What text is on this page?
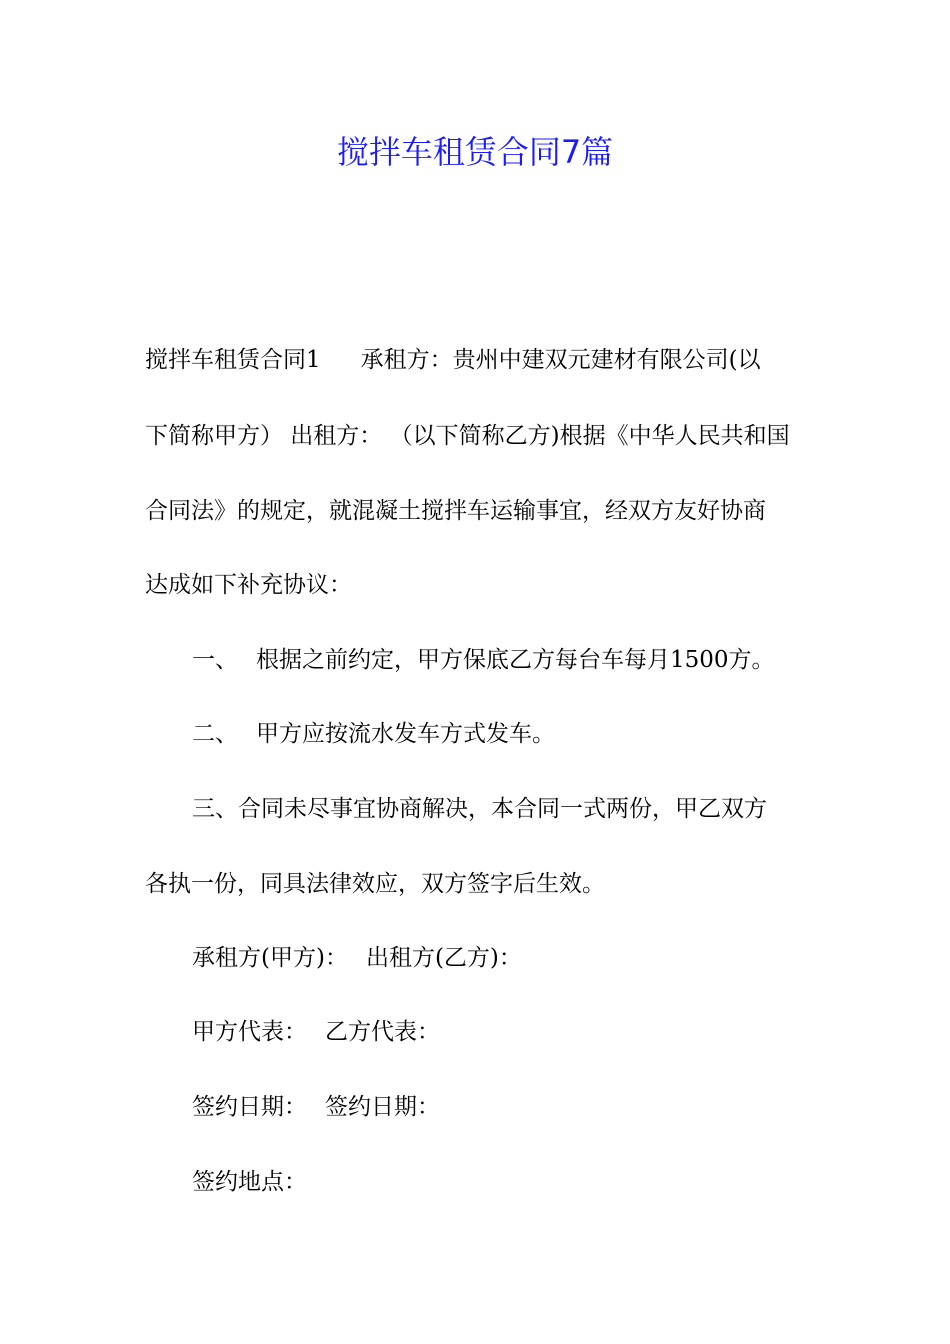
搅拌车租赁合同7篇

搅拌车租赁合同1 承租方：贵州中建双元建材有限公司(以

下简称甲方） 出租方： （以下简称乙方)根据《中华人民共和国

合同法》的规定，就混凝土搅拌车运输事宜，经双方友好协商

达成如下补充协议：

一、 根据之前约定，甲方保底乙方每台车每月1500方。

二、 甲方应按流水发车方式发车。

三、合同未尽事宜协商解决，本合同一式两份，甲乙双方

各执一份，同具法律效应，双方签字后生效。

承租方(甲方)： 出租方(乙方)：

甲方代表： 乙方代表：

签约日期： 签约日期：

签约地点：
